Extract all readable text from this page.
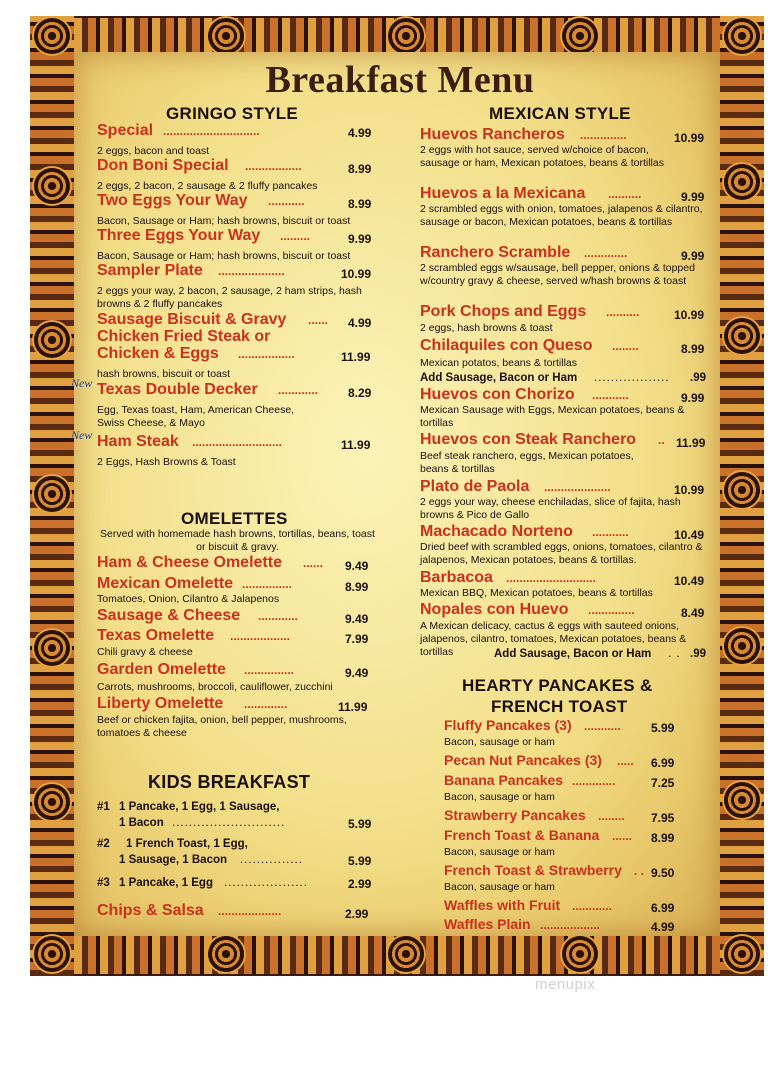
Breakfast Menu
GRINGO STYLE
Special .............................	4.99
2 eggs, bacon and toast
Don Boni Special .................	8.99
2 eggs, 2 bacon, 2 sausage & 2 fluffy pancakes
Two Eggs Your Way ...........	8.99
Bacon, Sausage or Ham; hash browns, biscuit or toast
Three Eggs Your Way .........	9.99
Bacon, Sausage or Ham; hash browns, biscuit or toast
Sampler Plate ....................	10.99
2 eggs your way, 2 bacon, 2 sausage, 2 ham strips, hash browns & 2 fluffy pancakes
Sausage Biscuit & Gravy ...... 4.99
Chicken Fried Steak or
Chicken & Eggs .................	11.99
hash browns, biscuit or toast
New Texas Double Decker ............ 8.29
Egg, Texas toast, Ham, American Cheese, Swiss Cheese, & Mayo
New Ham Steak ...........................	11.99
2 Eggs, Hash Browns & Toast
OMELETTES
Served with homemade hash browns, tortillas, beans, toast or biscuit & gravy.
Ham & Cheese Omelette ...... 9.49
Mexican Omelette ...............	8.99
Tomatoes, Onion, Cilantro & Jalapenos
Sausage & Cheese ............	9.49
Texas Omelette ..................	7.99
Chili gravy & cheese
Garden Omelette ...............	9.49
Carrots, mushrooms, broccoli, cauliflower, zucchini
Liberty Omelette .............	11.99
Beef or chicken fajita, onion, bell pepper, mushrooms, tomatoes & cheese
KIDS BREAKFAST
#1 1 Pancake, 1 Egg, 1 Sausage,
1 Bacon ...........................	5.99
#2 1 French Toast, 1 Egg,
1 Sausage, 1 Bacon ...............	5.99
#3 1 Pancake, 1 Egg ....................	2.99
Chips & Salsa ...................	2.99
MEXICAN STYLE
Huevos Rancheros ..............	10.99
2 eggs with hot sauce, served w/choice of bacon, sausage or ham, Mexican potatoes, beans & tortillas
Huevos a la Mexicana ..........	9.99
2 scrambled eggs with onion, tomatoes, jalapenos & cilantro, sausage or bacon, Mexican potatoes, beans & tortillas
Ranchero Scramble .............	9.99
2 scrambled eggs w/sausage, bell pepper, onions & topped w/country gravy & cheese, served w/hash browns & toast
Pork Chops and Eggs ..........	10.99
2 eggs, hash browns & toast
Chilaquiles con Queso ........	8.99
Mexican potatos, beans & tortillas
Add Sausage, Bacon or Ham .................. .99
Huevos con Chorizo ...........	9.99
Mexican Sausage with Eggs, Mexican potatoes, beans & tortillas
Huevos con Steak Ranchero .. 11.99
Beef steak ranchero, eggs, Mexican potatoes, beans & tortillas
Plato de Paola ....................	10.99
2 eggs your way, cheese enchiladas, slice of fajita, hash browns & Pico de Gallo
Machacado Norteno ...........	10.49
Dried beef with scrambled eggs, onions, tomatoes, cilantro & jalapenos, Mexican potatoes, beans & tortillas.
Barbacoa ...........................	10.49
Mexican BBQ, Mexican potatoes, beans & tortillas
Nopales con Huevo ..............	8.49
A Mexican delicacy, cactus & eggs with sauteed onions, jalapenos, cilantro, tomatoes, Mexican potatoes, beans & tortillas	Add Sausage, Bacon or Ham . . .99
HEARTY PANCAKES &
FRENCH TOAST
Fluffy Pancakes (3) ...........	5.99
Bacon, sausage or ham
Pecan Nut Pancakes (3) ..... 6.99
Banana Pancakes .............	7.25
Bacon, sausage or ham
Strawberry Pancakes ........ 7.95
French Toast & Banana ...... 8.99
Bacon, sausage or ham
French Toast & Strawberry . . 9.50
Bacon, sausage or ham
Waffles with Fruit ............	6.99
Waffles Plain ..................	4.99
menupix
